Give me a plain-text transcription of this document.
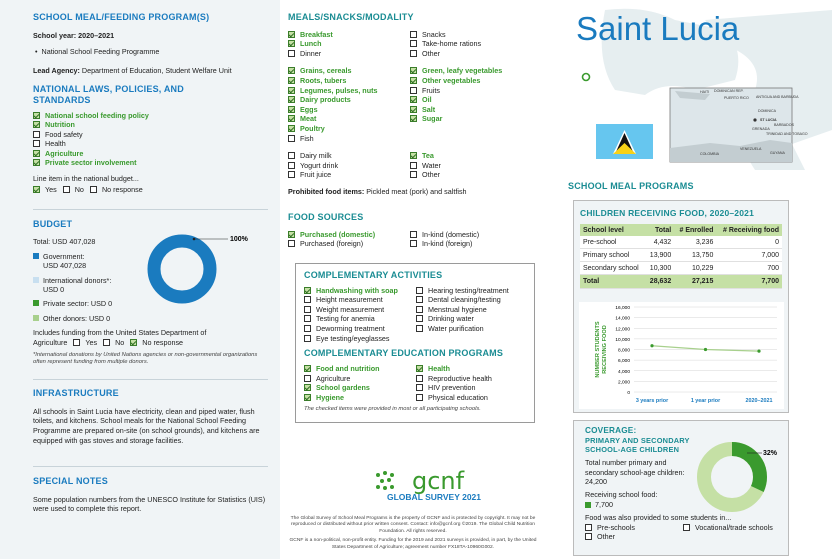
SCHOOL MEAL/FEEDING PROGRAM(S)
School year: 2020–2021
•  National School Feeding Programme
Lead Agency: Department of Education, Student Welfare Unit
NATIONAL LAWS, POLICIES, AND STANDARDS
National school feeding policy
Nutrition
Food safety
Health
Agriculture
Private sector involvement
Line item in the national budget...
Yes	No	No response
BUDGET
Total: USD 407,028
Government:
USD 407,028
International donors*:
USD 0
Private sector: USD 0
Other donors: USD 0
Includes funding from the United States Department of Agriculture	Yes	No	No response
*International donations by United Nations agencies or non-governmental organizations often represent funding from multiple donors.
100%
INFRASTRUCTURE
All schools in Saint Lucia have electricity, clean and piped water, flush toilets, and kitchens. School meals for the National School Feeding Programme are prepared on-site (on school grounds), and kitchens are equipped with gas stoves and storage facilities.
SPECIAL NOTES
Some population numbers from the UNESCO Institute for Statistics (UIS) were used to complete this report.
MEALS/SNACKS/MODALITY
Breakfast
Lunch
Dinner
Snacks
Take-home rations
Other
Grains, cereals
Roots, tubers
Legumes, pulses, nuts
Dairy products
Eggs
Meat
Poultry
Fish
Green, leafy vegetables
Other vegetables
Fruits
Oil
Salt
Sugar
Dairy milk
Yogurt drink
Fruit juice
Tea
Water
Other
Prohibited food items: Pickled meat (pork) and saltfish
FOOD SOURCES
Purchased (domestic)
Purchased (foreign)
In-kind (domestic)
In-kind (foreign)
COMPLEMENTARY ACTIVITIES
Handwashing with soap
Height measurement
Weight measurement
Testing for anemia
Deworming treatment
Eye testing/eyeglasses
Hearing testing/treatment
Dental cleaning/testing
Menstrual hygiene
Drinking water
Water purification
COMPLEMENTARY EDUCATION PROGRAMS
Food and nutrition
Agriculture
School gardens
Hygiene
Health
Reproductive health
HIV prevention
Physical education
The checked items were provided in most or all participating schools.
gcnf
GLOBAL SURVEY 2021
The Global Survey of School Meal Programs is the property of GCNF and is protected by copyright. It may not be reproduced or distributed without prior written consent. Contact: info@gcnf.org ©2019. The Global Child Nutrition Foundation. All rights reserved.
GCNF is a non-political, non-profit entity. Funding for the 2019 and 2021 surveys is provided, in part, by the United States Department of Agriculture; agreement number FX18TA-10960G002.
Saint Lucia
HAITI DOMINICAN REP.
PUERTO RICO ANTIGUA AND BARBUDA
DOMINICA
ST LUCIA
BARBADOS
GRENADA
TRINIDAD AND TOBAGO
VENEZUELA
COLOMBIA	GUYANA
SCHOOL MEAL PROGRAMS
CHILDREN RECEIVING FOOD, 2020–2021
School level	Total	# Enrolled	# Receiving food
Pre-school	4,432	3,236	0
Primary school	13,900	13,750	7,000
Secondary school	10,300	10,229	700
Total	28,632	27,215	7,700
16,000
14,000
12,000
10,000
8,000
6,000
4,000
2,000
0
NUMBER STUDENTSRECEIVING FOOD
3 years prior	1 year prior	2020–2021
COVERAGE:
PRIMARY AND SECONDARY SCHOOL-AGE CHILDREN
Total number primary and secondary school-age children: 24,200
Receiving school food:
7,700
Food was also provided to some students in...
Pre-schools	Vocational/trade schools
Other
32%
